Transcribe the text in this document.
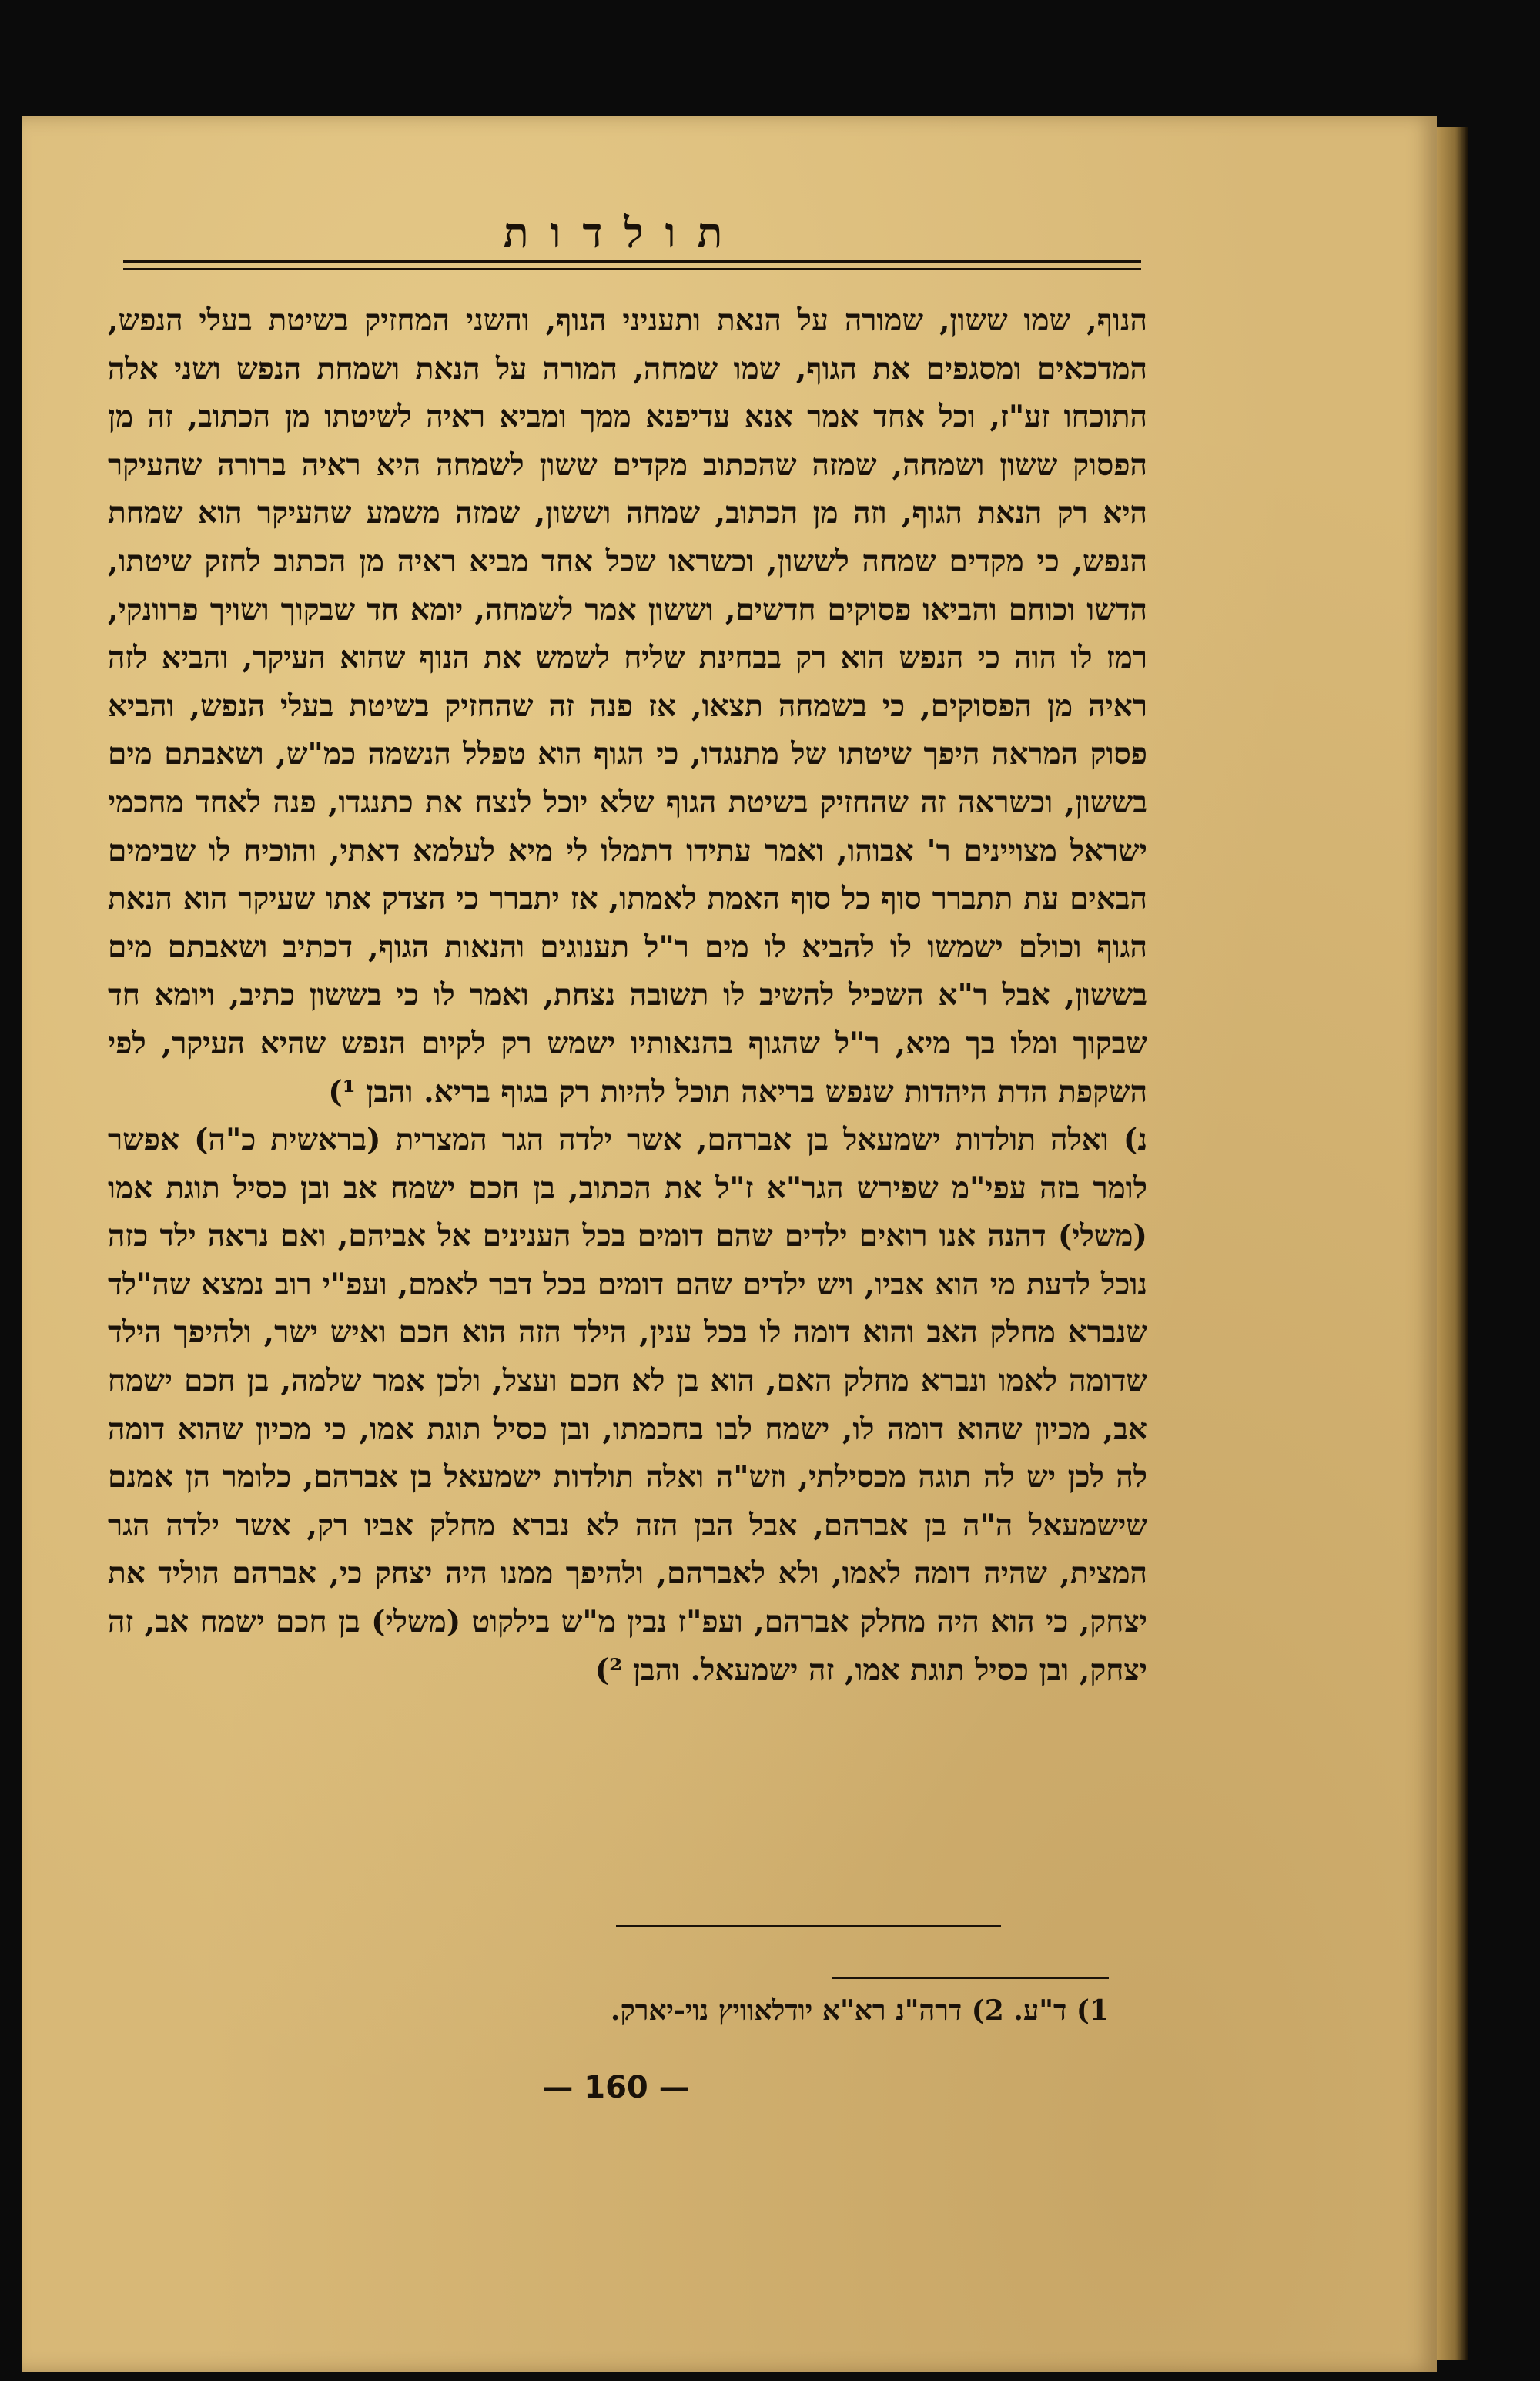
תולדות

הנוף, שמו ששון, שמורה על הנאת ותעניני הנוף, והשני המחזיק בשיטת בעלי הנפש, המדכאים ומסגפים את הגוף, שמו שמחה, המורה על הנאת ושמחת הנפש ושני אלה התוכחו זע"ז, וכל אחד אמר אנא עדיפנא ממך ומביא ראיה לשיטתו מן הכתוב, זה מן הפסוק ששון ושמחה, שמזה שהכתוב מקדים ששון לשמחה היא ראיה ברורה שהעיקר היא רק הנאת הגוף, וזה מן הכתוב, שמחה וששון, שמזה משמע שהעיקר הוא שמחת הנפש, כי מקדים שמחה לששון, וכשראו שכל אחד מביא ראיה מן הכתוב לחזק שיטתו, הדשו וכוחם והביאו פסוקים חדשים, וששון אמר לשמחה, יומא חד שבקוך ושויך פרוונקי, רמז לו הוה כי הנפש הוא רק בבחינת שליח לשמש את הנוף שהוא העיקר, והביא לזה ראיה מן הפסוקים, כי בשמחה תצאו, אז פנה זה שהחזיק בשיטת בעלי הנפש, והביא פסוק המראה היפך שיטתו של מתנגדו, כי הגוף הוא טפלל הנשמה כמ"ש, ושאבתם מים בששון, וכשראה זה שהחזיק בשיטת הגוף שלא יוכל לנצח את כתנגדו, פנה לאחד מחכמי ישראל מצויינים ר' אבוהו, ואמר עתידו דתמלו לי מיא לעלמא דאתי, והוכיח לו שבימים הבאים עת תתברר סוף כל סוף האמת לאמתו, אז יתברר כי הצדק אתו שעיקר הוא הנאת הגוף וכולם ישמשו לו להביא לו מים ר"ל תענוגים והנאות הגוף, דכתיב ושאבתם מים בששון, אבל ר"א השכיל להשיב לו תשובה נצחת, ואמר לו כי בששון כתיב, ויומא חד שבקוך ומלו בך מיא, ר"ל שהגוף בהנאותיו ישמש רק לקיום הנפש שהיא העיקר, לפי השקפת הדת היהדות שנפש בריאה תוכל להיות רק בגוף בריא. והבן ¹)

נ) ואלה תולדות ישמעאל בן אברהם, אשר ילדה הגר המצרית (בראשית כ"ה) אפשר לומר בזה עפי"מ שפירש הגר"א ז"ל את הכתוב, בן חכם ישמח אב ובן כסיל תוגת אמו (משלי) דהנה אנו רואים ילדים שהם דומים בכל הענינים אל אביהם, ואם נראה ילד כזה נוכל לדעת מי הוא אביו, ויש ילדים שהם דומים בכל דבר לאמם, ועפ"י רוב נמצא שה"לד שנברא מחלק האב והוא דומה לו בכל ענין, הילד הזה הוא חכם ואיש ישר, ולהיפך הילד שדומה לאמו ונברא מחלק האם, הוא בן לא חכם ועצל, ולכן אמר שלמה, בן חכם ישמח אב, מכיון שהוא דומה לו, ישמח לבו בחכמתו, ובן כסיל תוגת אמו, כי מכיון שהוא דומה לה לכן יש לה תוגה מכסילתי, וזש"ה ואלה תולדות ישמעאל בן אברהם, כלומר הן אמנם שישמעאל ה"ה בן אברהם, אבל הבן הזה לא נברא מחלק אביו רק, אשר ילדה הגר המצית, שהיה דומה לאמו, ולא לאברהם, ולהיפך ממנו היה יצחק כי, אברהם הוליד את יצחק, כי הוא היה מחלק אברהם, ועפ"ז נבין מ"ש בילקוט (משלי) בן חכם ישמח אב, זה יצחק, ובן כסיל תוגת אמו, זה ישמעאל. והבן ²)

1) ד"ע. 2) דרה"נ רא"א יודלאוויץ נוי-יארק.
— 160 —
